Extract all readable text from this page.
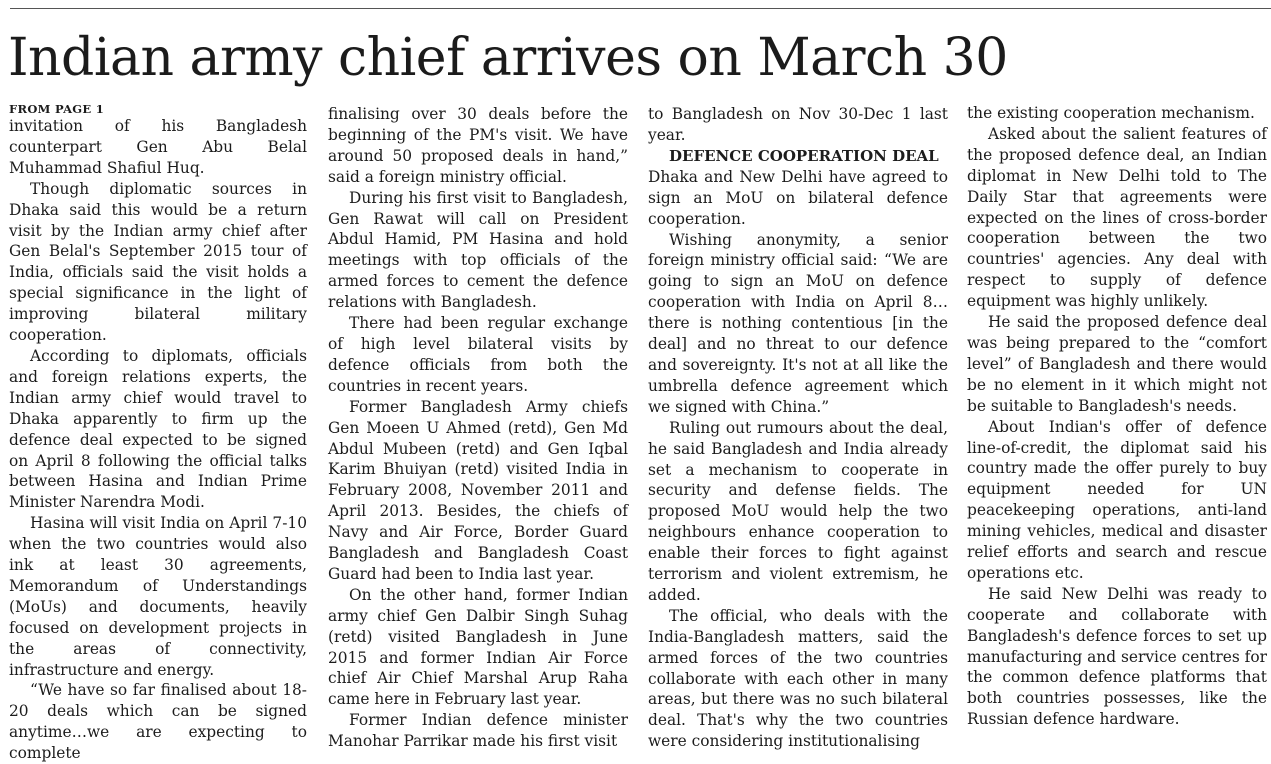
Indian army chief arrives on March 30
FROM PAGE 1

invitation of his Bangladesh counterpart Gen Abu Belal Muhammad Shafiul Huq.

Though diplomatic sources in Dhaka said this would be a return visit by the Indian army chief after Gen Belal's September 2015 tour of India, officials said the visit holds a special significance in the light of improving bilateral military cooperation.

According to diplomats, officials and foreign relations experts, the Indian army chief would travel to Dhaka apparently to firm up the defence deal expected to be signed on April 8 following the official talks between Hasina and Indian Prime Minister Narendra Modi.

Hasina will visit India on April 7-10 when the two countries would also ink at least 30 agreements, Memorandum of Understandings (MoUs) and documents, heavily focused on development projects in the areas of connectivity, infrastructure and energy.

“We have so far finalised about 18-20 deals which can be signed anytime…we are expecting to complete

finalising over 30 deals before the beginning of the PM's visit. We have around 50 proposed deals in hand,” said a foreign ministry official.

During his first visit to Bangladesh, Gen Rawat will call on President Abdul Hamid, PM Hasina and hold meetings with top officials of the armed forces to cement the defence relations with Bangladesh.

There had been regular exchange of high level bilateral visits by defence officials from both the countries in recent years.

Former Bangladesh Army chiefs Gen Moeen U Ahmed (retd), Gen Md Abdul Mubeen (retd) and Gen Iqbal Karim Bhuiyan (retd) visited India in February 2008, November 2011 and April 2013. Besides, the chiefs of Navy and Air Force, Border Guard Bangladesh and Bangladesh Coast Guard had been to India last year.

On the other hand, former Indian army chief Gen Dalbir Singh Suhag (retd) visited Bangladesh in June 2015 and former Indian Air Force chief Air Chief Marshal Arup Raha came here in February last year.

Former Indian defence minister Manohar Parrikar made his first visit

to Bangladesh on Nov 30-Dec 1 last year.

DEFENCE COOPERATION DEAL

Dhaka and New Delhi have agreed to sign an MoU on bilateral defence cooperation.

Wishing anonymity, a senior foreign ministry official said: “We are going to sign an MoU on defence cooperation with India on April 8… there is nothing contentious [in the deal] and no threat to our defence and sovereignty. It's not at all like the umbrella defence agreement which we signed with China.”

Ruling out rumours about the deal, he said Bangladesh and India already set a mechanism to cooperate in security and defense fields. The proposed MoU would help the two neighbours enhance cooperation to enable their forces to fight against terrorism and violent extremism, he added.

The official, who deals with the India-Bangladesh matters, said the armed forces of the two countries collaborate with each other in many areas, but there was no such bilateral deal. That's why the two countries were considering institutionalising

the existing cooperation mechanism.

Asked about the salient features of the proposed defence deal, an Indian diplomat in New Delhi told to The Daily Star that agreements were expected on the lines of cross-border cooperation between the two countries' agencies. Any deal with respect to supply of defence equipment was highly unlikely.

He said the proposed defence deal was being prepared to the “comfort level” of Bangladesh and there would be no element in it which might not be suitable to Bangladesh's needs.

About Indian's offer of defence line-of-credit, the diplomat said his country made the offer purely to buy equipment needed for UN peacekeeping operations, anti-land mining vehicles, medical and disaster relief efforts and search and rescue operations etc.

He said New Delhi was ready to cooperate and collaborate with Bangladesh's defence forces to set up manufacturing and service centres for the common defence platforms that both countries possesses, like the Russian defence hardware.
